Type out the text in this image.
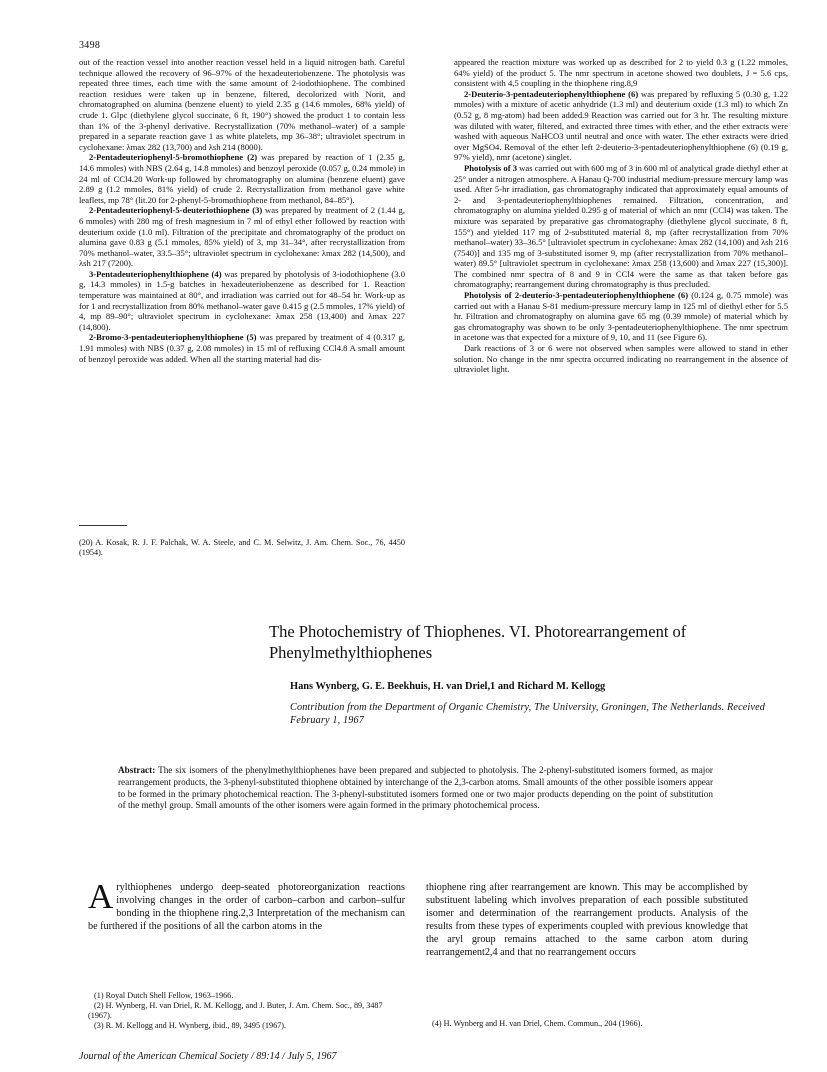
3498

out of the reaction vessel into another reaction vessel held in a liquid nitrogen bath. Careful technique allowed the recovery of 96–97% of the hexadeuteriobenzene. The photolysis was repeated three times, each time with the same amount of 2-iodothiophene. The combined reaction residues were taken up in benzene, filtered, decolorized with Norit, and chromatographed on alumina (benzene eluent) to yield 2.35 g (14.6 mmoles, 68% yield) of crude 1. Glpc (diethylene glycol succinate, 6 ft, 190°) showed the product 1 to contain less than 1% of the 3-phenyl derivative. Recrystallization (70% methanol–water) of a sample prepared in a separate reaction gave 1 as white platelets, mp 36–38°; ultraviolet spectrum in cyclohexane: λmax 282 (13,700) and λsh 214 (8000).

2-Pentadeuteriophenyl-5-bromothiophene (2) was prepared by reaction of 1 (2.35 g, 14.6 mmoles) with NBS (2.64 g, 14.8 mmoles) and benzoyl peroxide (0.057 g, 0.24 mmole) in 24 ml of CCl4.20 Work-up followed by chromatography on alumina (benzene eluent) gave 2.89 g (1.2 mmoles, 81% yield) of crude 2. Recrystallization from methanol gave white leaflets, mp 78° (lit.20 for 2-phenyl-5-bromothiophene from methanol, 84–85°).

2-Pentadeuteriophenyl-5-deuteriothiophene (3) was prepared by treatment of 2 (1.44 g, 6 mmoles) with 280 mg of fresh magnesium in 7 ml of ethyl ether followed by reaction with deuterium oxide (1.0 ml). Filtration of the precipitate and chromatography of the product on alumina gave 0.83 g (5.1 mmoles, 85% yield) of 3, mp 31–34°, after recrystallization from 70% methanol–water, 33.5–35°; ultraviolet spectrum in cyclohexane: λmax 282 (14,500), and λsh 217 (7200).

3-Pentadeuteriophenylthiophene (4) was prepared by photolysis of 3-iodothiophene (3.0 g, 14.3 mmoles) in 1.5-g batches in hexadeuteriobenzene as described for 1. Reaction temperature was maintained at 80°, and irradiation was carried out for 48–54 hr. Work-up as for 1 and recrystallization from 80% methanol–water gave 0.415 g (2.5 mmoles, 17% yield) of 4, mp 89–90°; ultraviolet spectrum in cyclohexane: λmax 258 (13,400) and λmax 227 (14,800).

2-Bromo-3-pentadeuteriophenylthiophene (5) was prepared by treatment of 4 (0.317 g, 1.91 mmoles) with NBS (0.37 g, 2.08 mmoles) in 15 ml of refluxing CCl4.8 A small amount of benzoyl peroxide was added. When all the starting material had dis-

(20) A. Kosak, R. J. F. Palchak, W. A. Steele, and C. M. Selwitz, J. Am. Chem. Soc., 76, 4450 (1954).

appeared the reaction mixture was worked up as described for 2 to yield 0.3 g (1.22 mmoles, 64% yield) of the product 5. The nmr spectrum in acetone showed two doublets, J = 5.6 cps, consistent with 4,5 coupling in the thiophene ring.8,9

2-Deuterio-3-pentadeuteriophenylthiophene (6) was prepared by refluxing 5 (0.30 g, 1.22 mmoles) with a mixture of acetic anhydride (1.3 ml) and deuterium oxide (1.3 ml) to which Zn (0.52 g, 8 mg-atom) had been added.9 Reaction was carried out for 3 hr. The resulting mixture was diluted with water, filtered, and extracted three times with ether, and the ether extracts were washed with aqueous NaHCO3 until neutral and once with water. The ether extracts were dried over MgSO4. Removal of the ether left 2-deuterio-3-pentadeuteriophenylthiophene (6) (0.19 g, 97% yield), nmr (acetone) singlet.

Photolysis of 3 was carried out with 600 mg of 3 in 600 ml of analytical grade diethyl ether at 25° under a nitrogen atmosphere. A Hanau Q-700 industrial medium-pressure mercury lamp was used. After 5-hr irradiation, gas chromatography indicated that approximately equal amounts of 2- and 3-pentadeuteriophenylthiophenes remained. Filtration, concentration, and chromatography on alumina yielded 0.295 g of material of which an nmr (CCl4) was taken. The mixture was separated by preparative gas chromatography (diethylene glycol succinate, 8 ft, 155°) and yielded 117 mg of 2-substituted material 8, mp (after recrystallization from 70% methanol–water) 33–36.5° [ultraviolet spectrum in cyclohexane: λmax 282 (14,100) and λsh 216 (7540)] and 135 mg of 3-substituted isomer 9, mp (after recrystallization from 70% methanol–water) 89.5° [ultraviolet spectrum in cyclohexane: λmax 258 (13,600) and λmax 227 (15,300)]. The combined nmr spectra of 8 and 9 in CCl4 were the same as that taken before gas chromatography; rearrangement during chromatography is thus precluded.

Photolysis of 2-deuterio-3-pentadeuteriophenylthiophene (6) (0.124 g, 0.75 mmole) was carried out with a Hanau S-81 medium-pressure mercury lamp in 125 ml of diethyl ether for 5.5 hr. Filtration and chromatography on alumina gave 65 mg (0.39 mmole) of material which by gas chromatography was shown to be only 3-pentadeuteriophenylthiophene. The nmr spectrum in acetone was that expected for a mixture of 9, 10, and 11 (see Figure 6).

Dark reactions of 3 or 6 were not observed when samples were allowed to stand in ether solution. No change in the nmr spectra occurred indicating no rearrangement in the absence of ultraviolet light.

The Photochemistry of Thiophenes. VI. Photorearrangement of Phenylmethylthiophenes
Hans Wynberg, G. E. Beekhuis, H. van Driel,1 and Richard M. Kellogg
Contribution from the Department of Organic Chemistry, The University, Groningen, The Netherlands. Received February 1, 1967
Abstract: The six isomers of the phenylmethylthiophenes have been prepared and subjected to photolysis. The 2-phenyl-substituted isomers formed, as major rearrangement products, the 3-phenyl-substituted thiophene obtained by interchange of the 2,3-carbon atoms. Small amounts of the other possible isomers appear to be formed in the primary photochemical reaction. The 3-phenyl-substituted isomers formed one or two major products depending on the point of substitution of the methyl group. Small amounts of the other isomers were again formed in the primary photochemical process.
Arylthiophenes undergo deep-seated photoreorganization reactions involving changes in the order of carbon–carbon and carbon–sulfur bonding in the thiophene ring.2,3 Interpretation of the mechanism can be furthered if the positions of all the carbon atoms in the
thiophene ring after rearrangement are known. This may be accomplished by substituent labeling which involves preparation of each possible substituted isomer and determination of the rearrangement products. Analysis of the results from these types of experiments coupled with previous knowledge that the aryl group remains attached to the same carbon atom during rearrangement2,4 and that no rearrangement occurs
(1) Royal Dutch Shell Fellow, 1963–1966.
(2) H. Wynberg, H. van Driel, R. M. Kellogg, and J. Buter, J. Am. Chem. Soc., 89, 3487 (1967).
(3) R. M. Kellogg and H. Wynberg, ibid., 89, 3495 (1967).	(4) H. Wynberg and H. van Driel, Chem. Commun., 204 (1966).
Journal of the American Chemical Society / 89:14 / July 5, 1967
